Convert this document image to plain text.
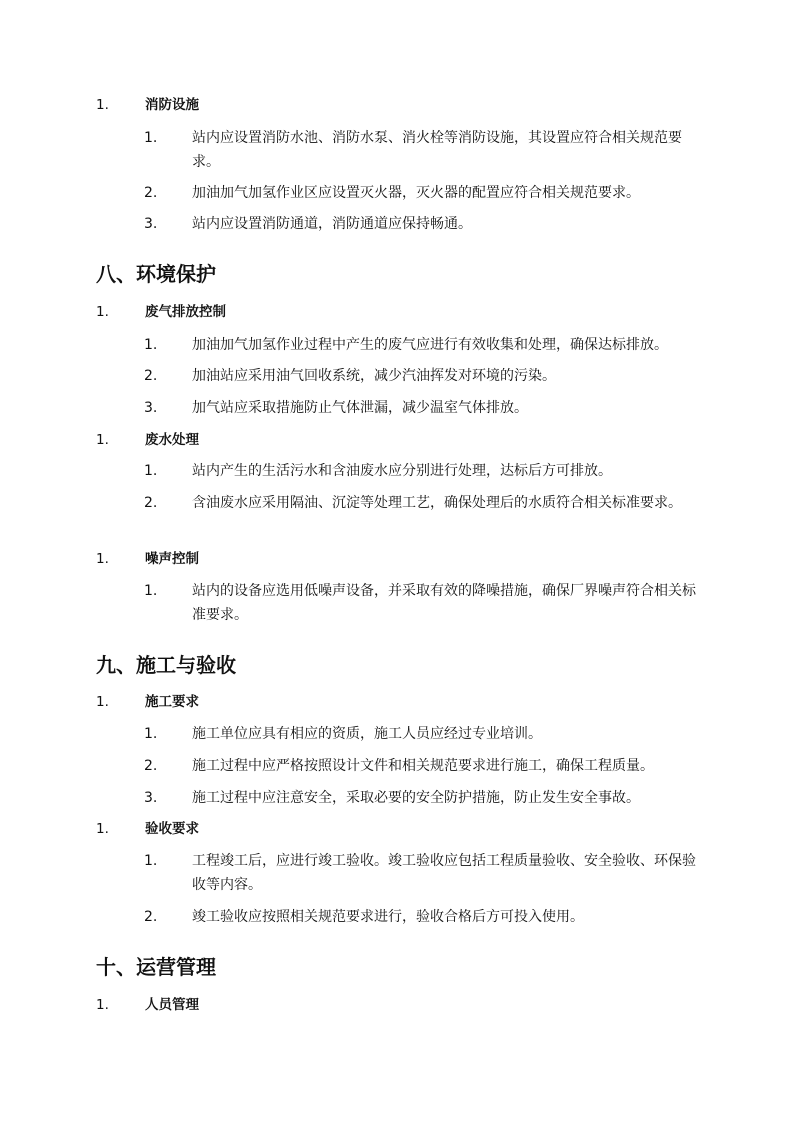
1.	消防设施
1. 站内应设置消防水池、消防水泵、消火栓等消防设施，其设置应符合相关规范要求。
2. 加油加气加氢作业区应设置灭火器，灭火器的配置应符合相关规范要求。
3. 站内应设置消防通道，消防通道应保持畅通。
八、环境保护
1.	废气排放控制
1. 加油加气加氢作业过程中产生的废气应进行有效收集和处理，确保达标排放。
2. 加油站应采用油气回收系统，减少汽油挥发对环境的污染。
3. 加气站应采取措施防止气体泄漏，减少温室气体排放。
1.	废水处理
1. 站内产生的生活污水和含油废水应分别进行处理，达标后方可排放。
2. 含油废水应采用隔油、沉淀等处理工艺，确保处理后的水质符合相关标准要求。
1.	噪声控制
1. 站内的设备应选用低噪声设备，并采取有效的降噪措施，确保厂界噪声符合相关标准要求。
九、施工与验收
1.	施工要求
1. 施工单位应具有相应的资质，施工人员应经过专业培训。
2. 施工过程中应严格按照设计文件和相关规范要求进行施工，确保工程质量。
3. 施工过程中应注意安全，采取必要的安全防护措施，防止发生安全事故。
1.	验收要求
1. 工程竣工后，应进行竣工验收。竣工验收应包括工程质量验收、安全验收、环保验收等内容。
2. 竣工验收应按照相关规范要求进行，验收合格后方可投入使用。
十、运营管理
1.	人员管理
